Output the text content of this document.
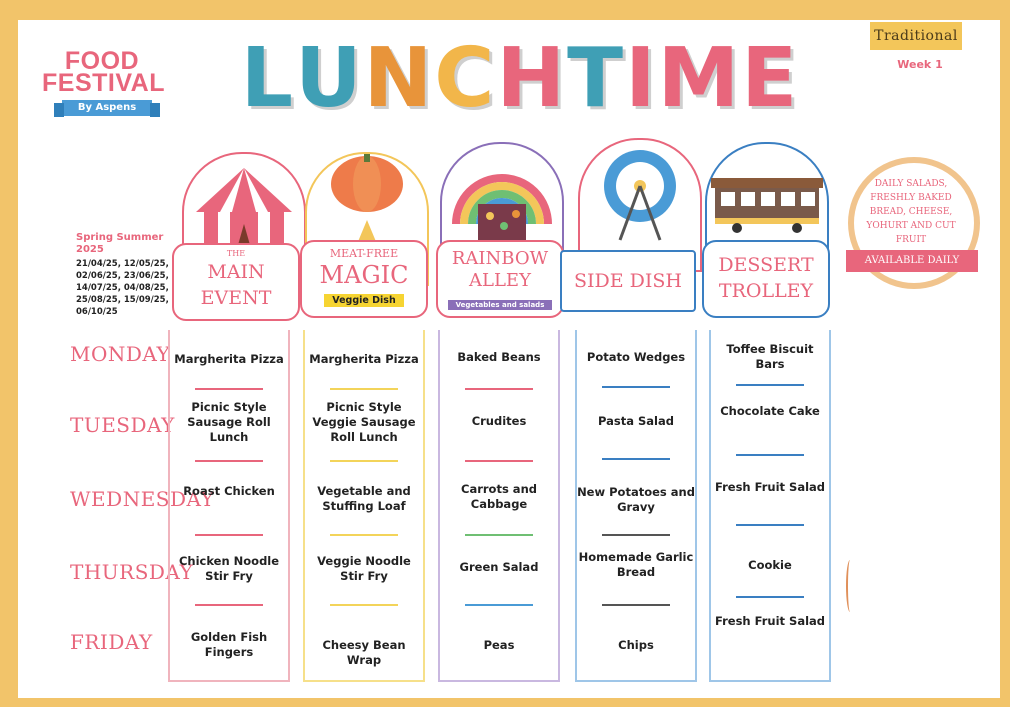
FOOD
FESTIVAL
By Aspens LUNCHTIME	Traditional
Week 1
Spring Summer 2025
21/04/25, 12/05/25, 02/06/25, 23/06/25, 14/07/25, 04/08/25, 25/08/25, 15/09/25, 06/10/25
DAILY SALADS, FRESHLY BAKED BREAD, CHEESE, YOHURT AND CUT FRUIT
AVAILABLE DAILY
MONDAY
TUESDAY
WEDNESDAY
THURSDAY
FRIDAY
THE
MAIN EVENT
Margherita Pizza
Picnic Style Sausage Roll Lunch
Roast Chicken
Chicken Noodle Stir Fry
Golden Fish Fingers
MEAT-FREE
MAGIC
Veggie Dish
Margherita Pizza
Picnic Style Veggie Sausage Roll Lunch
Vegetable and Stuffing Loaf
Veggie Noodle Stir Fry
Cheesy Bean Wrap
RAINBOW ALLEY
Vegetables and salads
Baked Beans
Crudites
Carrots and Cabbage
Green Salad
Peas
SIDE DISH
Potato Wedges
Pasta Salad
New Potatoes and Gravy
Homemade Garlic Bread
Chips
DESSERT TROLLEY
Toffee Biscuit Bars
Chocolate Cake
Fresh Fruit Salad
Cookie
Fresh Fruit Salad
